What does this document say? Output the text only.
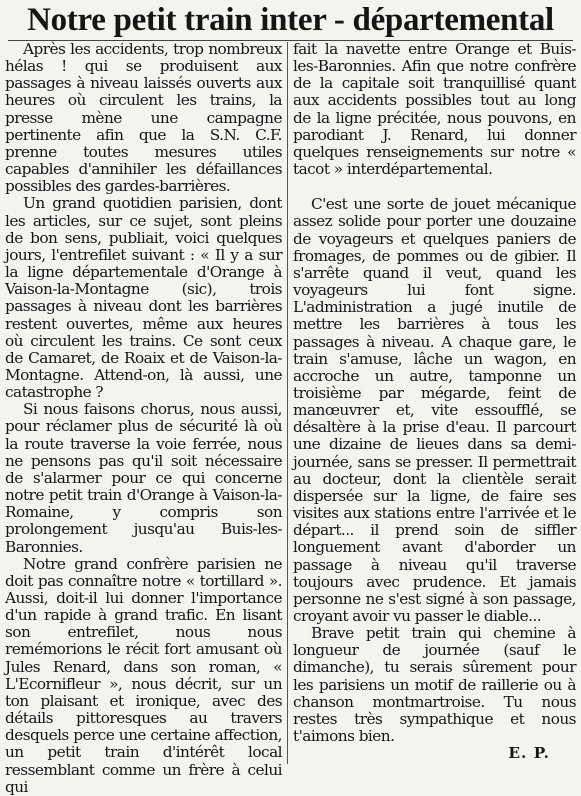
Notre petit train inter - départemental

Après les accidents, trop nombreux hélas ! qui se produisent aux passages à niveau laissés ouverts aux heures où circulent les trains, la presse mène une campagne pertinente afin que la S.N. C.F. prenne toutes mesures utiles capables d'annihiler les défaillances possibles des gardes-barrières.

Un grand quotidien parisien, dont les articles, sur ce sujet, sont pleins de bon sens, publiait, voici quelques jours, l'entrefilet suivant : « Il y a sur la ligne départementale d'Orange à Vaison-la-Montagne (sic), trois passages à niveau dont les barrières restent ouvertes, même aux heures où circulent les trains. Ce sont ceux de Camaret, de Roaix et de Vaison-la-Montagne. Attend-on, là aussi, une catastrophe ?

Si nous faisons chorus, nous aussi, pour réclamer plus de sécurité là où la route traverse la voie ferrée, nous ne pensons pas qu'il soit nécessaire de s'alarmer pour ce qui concerne notre petit train d'Orange à Vaison-la-Romaine, y compris son prolongement jusqu'au Buis-les-Baronnies.

Notre grand confrère parisien ne doit pas connaître notre « tortillard ». Aussi, doit-il lui donner l'importance d'un rapide à grand trafic. En lisant son entrefilet, nous nous remémorions le récit fort amusant où Jules Renard, dans son roman, « L'Ecornifleur », nous décrit, sur un ton plaisant et ironique, avec des détails pittoresques au travers desquels perce une certaine affection, un petit train d'intérêt local ressemblant comme un frère à celui qui

fait la navette entre Orange et Buis-les-Baronnies. Afin que notre confrère de la capitale soit tranquillisé quant aux accidents possibles tout au long de la ligne précitée, nous pouvons, en parodiant J. Renard, lui donner quelques renseignements sur notre « tacot » interdépartemental.

C'est une sorte de jouet mécanique assez solide pour porter une douzaine de voyageurs et quelques paniers de fromages, de pommes ou de gibier. Il s'arrête quand il veut, quand les voyageurs lui font signe. L'administration a jugé inutile de mettre les barrières à tous les passages à niveau. A chaque gare, le train s'amuse, lâche un wagon, en accroche un autre, tamponne un troisième par mégarde, feint de manœuvrer et, vite essoufflé, se désaltère à la prise d'eau. Il parcourt une dizaine de lieues dans sa demi-journée, sans se presser. Il permettrait au docteur, dont la clientèle serait dispersée sur la ligne, de faire ses visites aux stations entre l'arrivée et le départ... il prend soin de siffler longuement avant d'aborder un passage à niveau qu'il traverse toujours avec prudence. Et jamais personne ne s'est signé à son passage, croyant avoir vu passer le diable...

Brave petit train qui chemine à longueur de journée (sauf le dimanche), tu serais sûrement pour les parisiens un motif de raillerie ou à chanson montmartroise. Tu nous restes très sympathique et nous t'aimons bien.

E. P.
